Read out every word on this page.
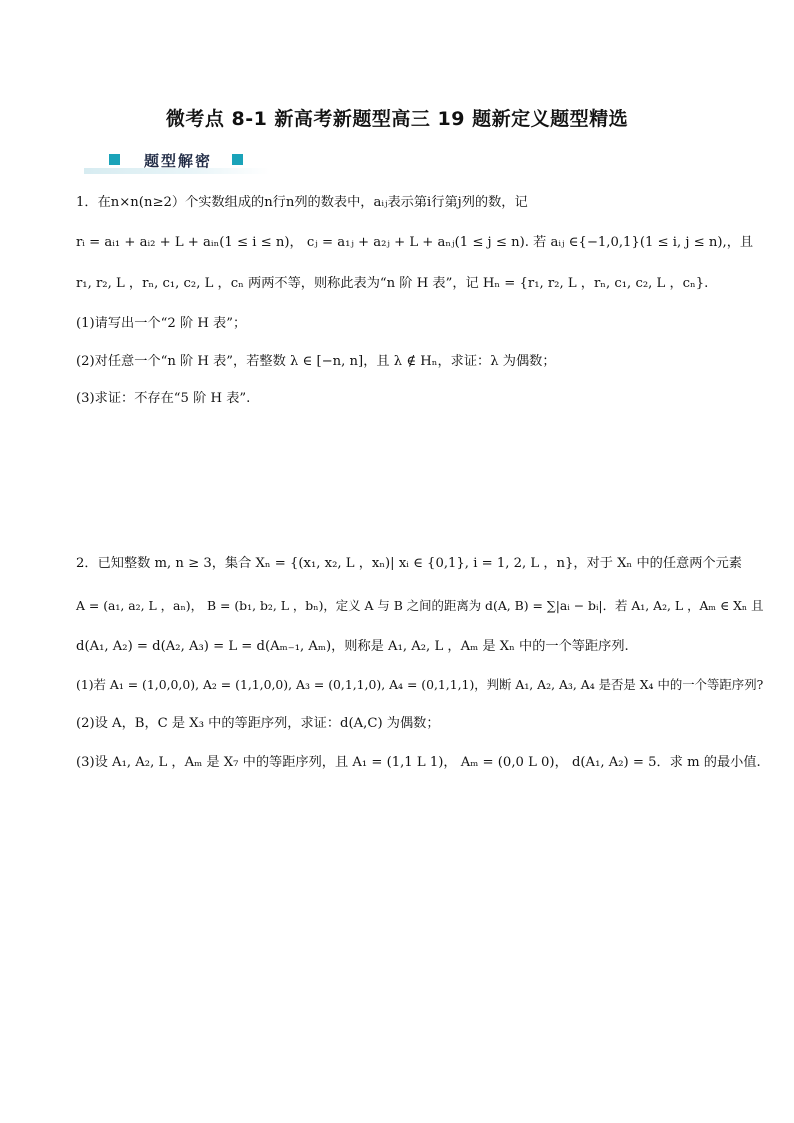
微考点 8-1 新高考新题型高三 19 题新定义题型精选
题型解密
1．在n×n(n≥2）个实数组成的n行n列的数表中，aᵢⱼ表示第i行第j列的数，记
rᵢ = aᵢ₁ + aᵢ₂ + L + aᵢₙ(1 ≤ i ≤ n)， cⱼ = a₁ⱼ + a₂ⱼ + L + aₙⱼ(1 ≤ j ≤ n). 若 aᵢⱼ ∈{−1,0,1}(1 ≤ i, j ≤ n),，且
r₁, r₂, L ，rₙ, c₁, c₂, L ，cₙ 两两不等，则称此表为“n 阶 H 表”，记 Hₙ = {r₁, r₂, L ，rₙ, c₁, c₂, L ，cₙ}.
(1)请写出一个“2 阶 H 表”；
(2)对任意一个“n 阶 H 表”，若整数 λ ∈ [−n, n]，且 λ ∉ Hₙ，求证：λ 为偶数；
(3)求证：不存在“5 阶 H 表”.
2．已知整数 m, n ≥ 3，集合 Xₙ = {(x₁, x₂, L ，xₙ)| xᵢ ∈ {0,1}, i = 1, 2, L ，n}，对于 Xₙ 中的任意两个元素
A = (a₁, a₂, L ，aₙ)， B = (b₁, b₂, L ，bₙ)，定义 A 与 B 之间的距离为 d(A, B) = ∑|aᵢ − bᵢ|．若 A₁, A₂, L ，Aₘ ∈ Xₙ 且
d(A₁, A₂) = d(A₂, A₃) = L = d(Aₘ₋₁, Aₘ)，则称是 A₁, A₂, L ，Aₘ 是 Xₙ 中的一个等距序列.
(1)若 A₁ = (1,0,0,0), A₂ = (1,1,0,0), A₃ = (0,1,1,0), A₄ = (0,1,1,1)，判断 A₁, A₂, A₃, A₄ 是否是 X₄ 中的一个等距序列?
(2)设 A，B，C 是 X₃ 中的等距序列，求证：d(A,C) 为偶数；
(3)设 A₁, A₂, L ，Aₘ 是 X₇ 中的等距序列，且 A₁ = (1,1 L 1)， Aₘ = (0,0 L 0)， d(A₁, A₂) = 5．求 m 的最小值.
